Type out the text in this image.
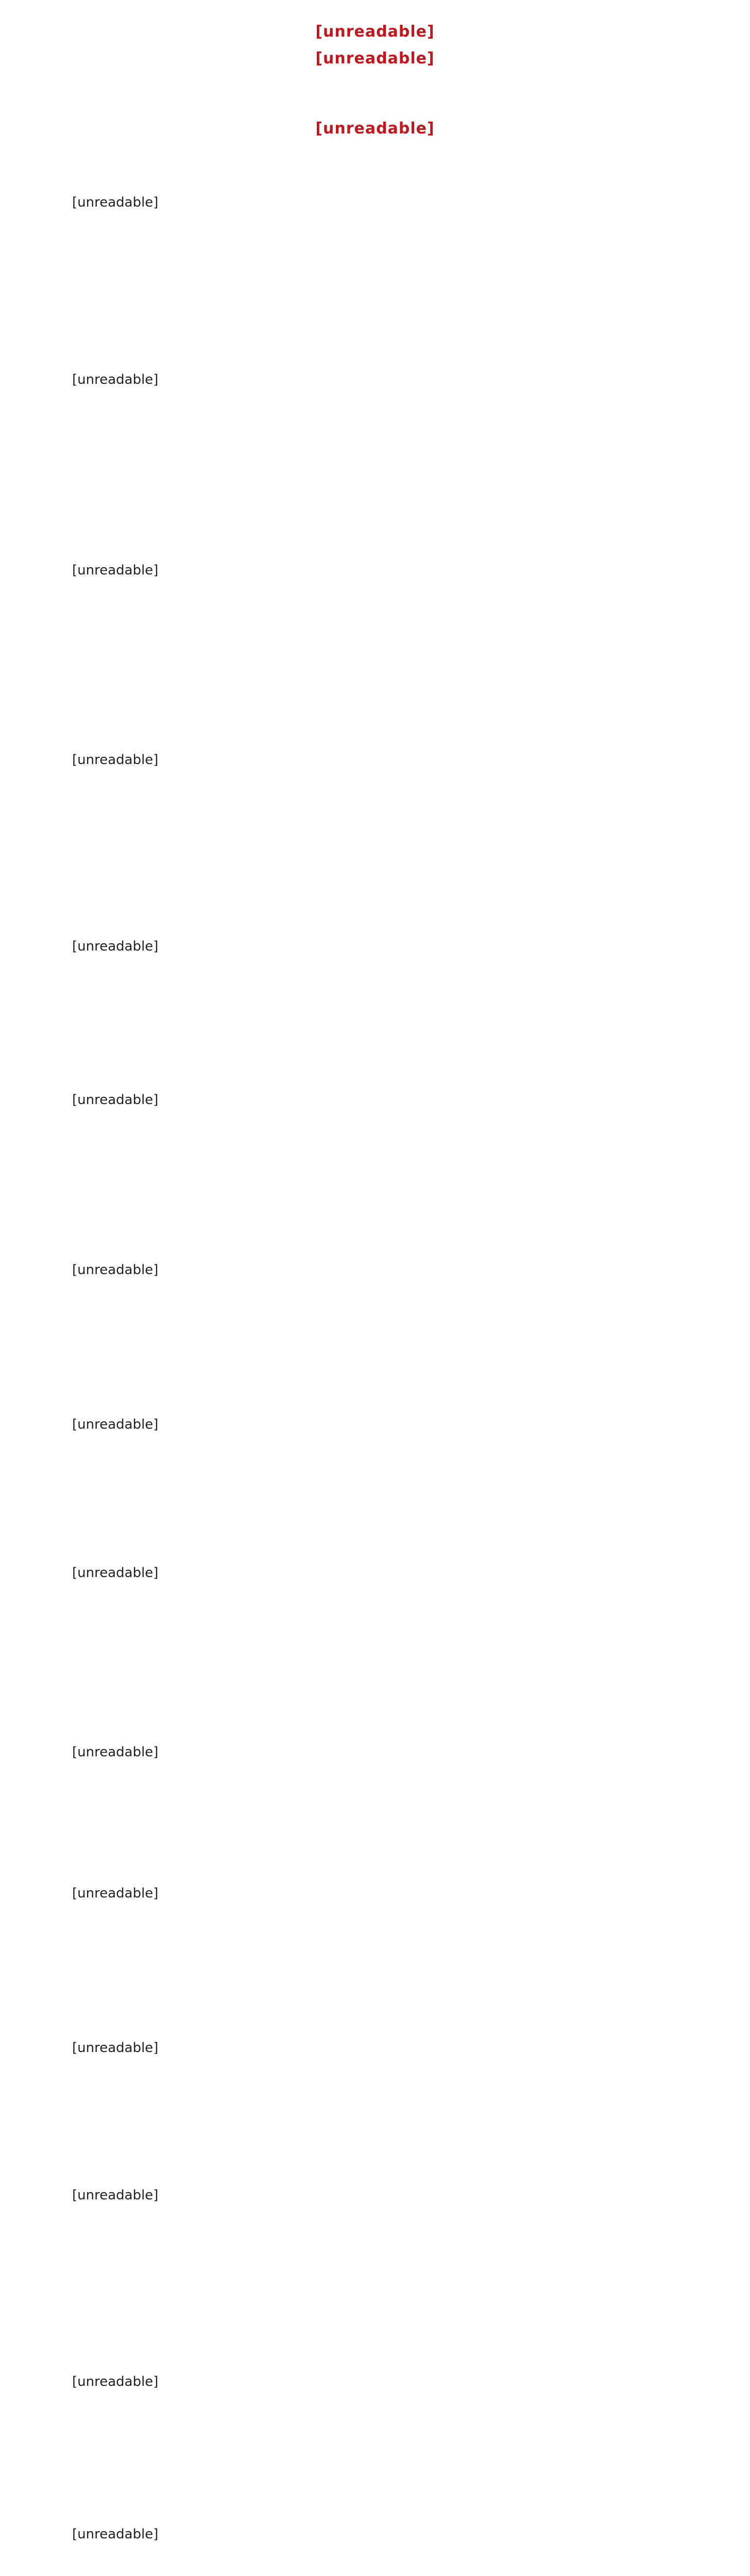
[unreadable]

[unreadable]

[unreadable]

[unreadable]

[unreadable]

[unreadable]

[unreadable]

[unreadable]

[unreadable]

[unreadable]

[unreadable]

[unreadable]

[unreadable]

[unreadable]

[unreadable]

[unreadable]

[unreadable]

[unreadable]
